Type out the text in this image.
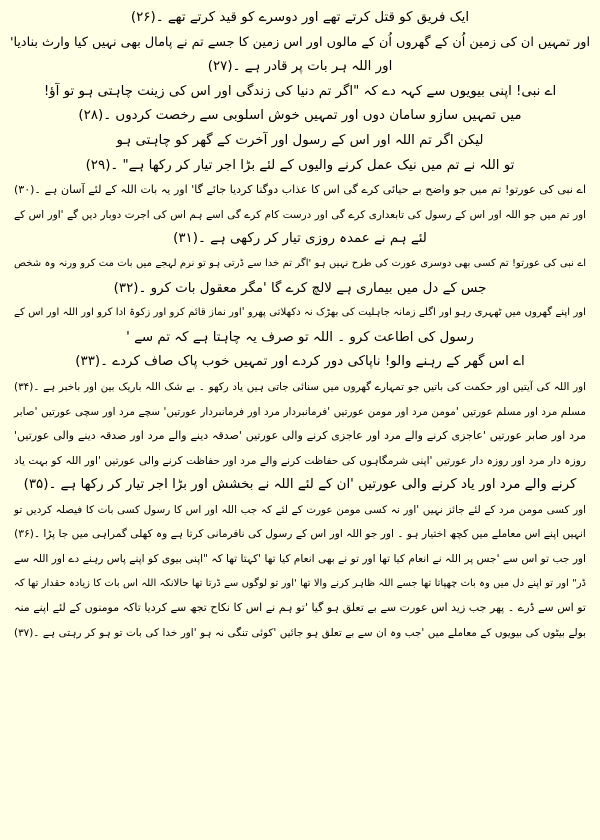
ایک فریق کو قتل کرتے تھے اور دوسرے کو قید کرتے تھے ۔(۲۶)
اور تمہیں ان کی زمین اُن کے گھروں اُن کے مالوں اور اس زمین کا جسے تم نے پامال بھی نہیں کیا وارث بنادیا'
اور اللہ ہر بات پر قادر ہے ۔(۲۷)
اے نبی! اپنی بیویوں سے کہہ دے کہ "اگر تم دنیا کی زندگی اور اس کی زینت چاہتی ہو تو آؤ!
میں تمہیں سازو سامان دوں اور تمہیں خوش اسلوبی سے رخصت کردوں ۔(۲۸)
لیکن اگر تم اللہ اور اس کے رسول اور آخرت کے گھر کو چاہتی ہو
تو اللہ نے تم میں نیک عمل کرنے والیوں کے لئے بڑا اجر تیار کر رکھا ہے" ۔(۲۹)
اے نبی کی عورتو! تم میں جو واضح بے حیائی کرے گی اس کا عذاب دوگنا کردیا جائے گا' اور یہ بات اللہ کے لئے آسان ہے ۔(۳۰)
اور تم میں جو اللہ اور اس کے رسول کی تابعداری کرے گی اور درست کام کرے گی اسے ہم اس کی اجرت دوبار دیں گے 'اور اس کے
لئے ہم نے عمدہ روزی تیار کر رکھی ہے ۔(۳۱)
اے نبی کی عورتو! تم کسی بھی دوسری عورت کی طرح نہیں ہو 'اگر تم خدا سے ڈرتی ہو تو نرم لہجے میں بات مت کرو ورنہ وہ شخص
جس کے دل میں بیماری ہے لالچ کرے گا 'مگر معقول بات کرو ۔(۳۲)
اور اپنے گھروں میں ٹھہری رہو اور اگلے زمانہ جاہلیت کی بھڑک نہ دکھلاتی پھرو 'اور نماز قائم کرو اور زکوۃ ادا کرو اور اللہ اور اس کے
رسول کی اطاعت کرو ۔ اللہ تو صرف یہ چاہتا ہے کہ تم سے '
اے اس گھر کے رہنے والو! ناپاکی دور کردے اور تمہیں خوب پاک صاف کردے ۔(۳۳)
اور اللہ کی آیتیں اور حکمت کی باتیں جو تمہارے گھروں میں سنائی جاتی ہیں یاد رکھو ۔ بے شک اللہ باریک بین اور باخبر ہے ۔(۳۴)
مسلم مرد اور مسلم عورتیں 'مومن مرد اور مومن عورتیں 'فرمانبردار مرد اور فرمانبردار عورتیں' سچے مرد اور سچی عورتیں 'صابر
مرد اور صابر عورتیں 'عاجزی کرنے والے مرد اور عاجزی کرنے والی عورتیں 'صدقہ دینے والے مرد اور صدقہ دینے والی عورتیں'
روزہ دار مرد اور روزہ دار عورتیں 'اپنی شرمگاہوں کی حفاظت کرنے والے مرد اور حفاظت کرنے والی عورتیں 'اور اللہ کو بہت یاد
کرنے والے مرد اور یاد کرنے والی عورتیں 'ان کے لئے اللہ نے بخشش اور بڑا اجر تیار کر رکھا ہے ۔(۳۵)
اور کسی مومن مرد کے لئے جائز نہیں 'اور نہ کسی مومن عورت کے لئے کہ جب اللہ اور اس کا رسول کسی بات کا فیصلہ کردیں تو
انہیں اپنے اس معاملے میں کچھ اختیار ہو ۔ اور جو اللہ اور اس کے رسول کی نافرمانی کرتا ہے وہ کھلی گمراہی میں جا پڑا ۔(۳۶)
اور جب تو اس سے 'جس پر اللہ نے انعام کیا تھا اور تو نے بھی انعام کیا تھا 'کہتا تھا کہ "اپنی بیوی کو اپنے پاس رہنے دے اور اللہ سے
ڈر" اور تو اپنے دل میں وہ بات چھپاتا تھا جسے اللہ ظاہر کرنے والا تھا 'اور تو لوگوں سے ڈرتا تھا حالانکہ اللہ اس بات کا زیادہ حقدار تھا کہ
تو اس سے ڈرے ۔ پھر جب زید اس عورت سے بے تعلق ہو گیا 'تو ہم نے اس کا نکاح تجھ سے کردیا تاکہ مومنوں کے لئے اپنے منہ
بولے بیٹوں کی بیویوں کے معاملے میں 'جب وہ ان سے بے تعلق ہو جائیں 'کوئی تنگی نہ ہو 'اور خدا کی بات تو ہو کر رہتی ہے ۔(۳۷)
